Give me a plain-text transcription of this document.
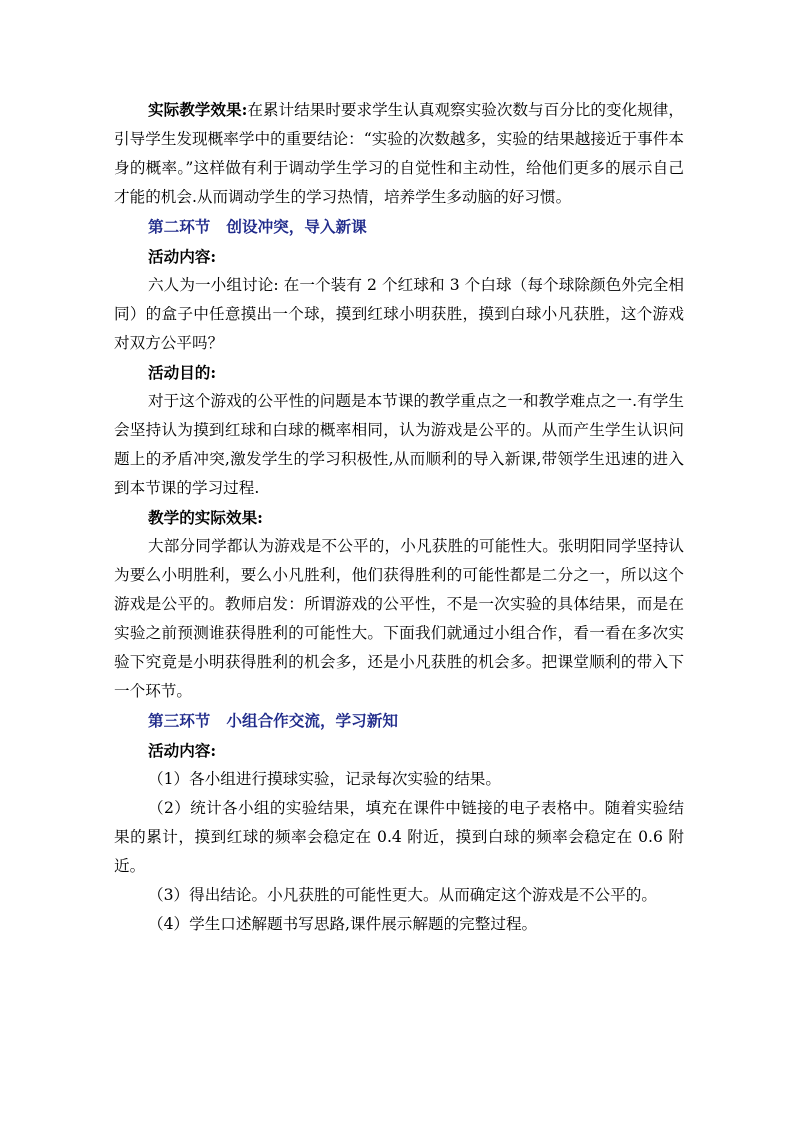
实际教学效果:在累计结果时要求学生认真观察实验次数与百分比的变化规律，引导学生发现概率学中的重要结论：“实验的次数越多，实验的结果越接近于事件本身的概率。”这样做有利于调动学生学习的自觉性和主动性，给他们更多的展示自己才能的机会.从而调动学生的学习热情，培养学生多动脑的好习惯。

第二环节 创设冲突，导入新课
活动内容:

六人为一小组讨论: 在一个装有 2 个红球和 3 个白球（每个球除颜色外完全相同）的盒子中任意摸出一个球，摸到红球小明获胜，摸到白球小凡获胜，这个游戏对双方公平吗？

活动目的:

对于这个游戏的公平性的问题是本节课的教学重点之一和教学难点之一.有学生会坚持认为摸到红球和白球的概率相同，认为游戏是公平的。从而产生学生认识问题上的矛盾冲突,激发学生的学习积极性,从而顺利的导入新课,带领学生迅速的进入到本节课的学习过程.

教学的实际效果:

大部分同学都认为游戏是不公平的，小凡获胜的可能性大。张明阳同学坚持认为要么小明胜利，要么小凡胜利，他们获得胜利的可能性都是二分之一，所以这个游戏是公平的。教师启发：所谓游戏的公平性，不是一次实验的具体结果，而是在实验之前预测谁获得胜利的可能性大。下面我们就通过小组合作，看一看在多次实验下究竟是小明获得胜利的机会多，还是小凡获胜的机会多。把课堂顺利的带入下一个环节。

第三环节 小组合作交流，学习新知
活动内容:

（1）各小组进行摸球实验，记录每次实验的结果。

（2）统计各小组的实验结果，填充在课件中链接的电子表格中。随着实验结果的累计，摸到红球的频率会稳定在 0.4 附近，摸到白球的频率会稳定在 0.6 附近。

（3）得出结论。小凡获胜的可能性更大。从而确定这个游戏是不公平的。

（4）学生口述解题书写思路,课件展示解题的完整过程。
